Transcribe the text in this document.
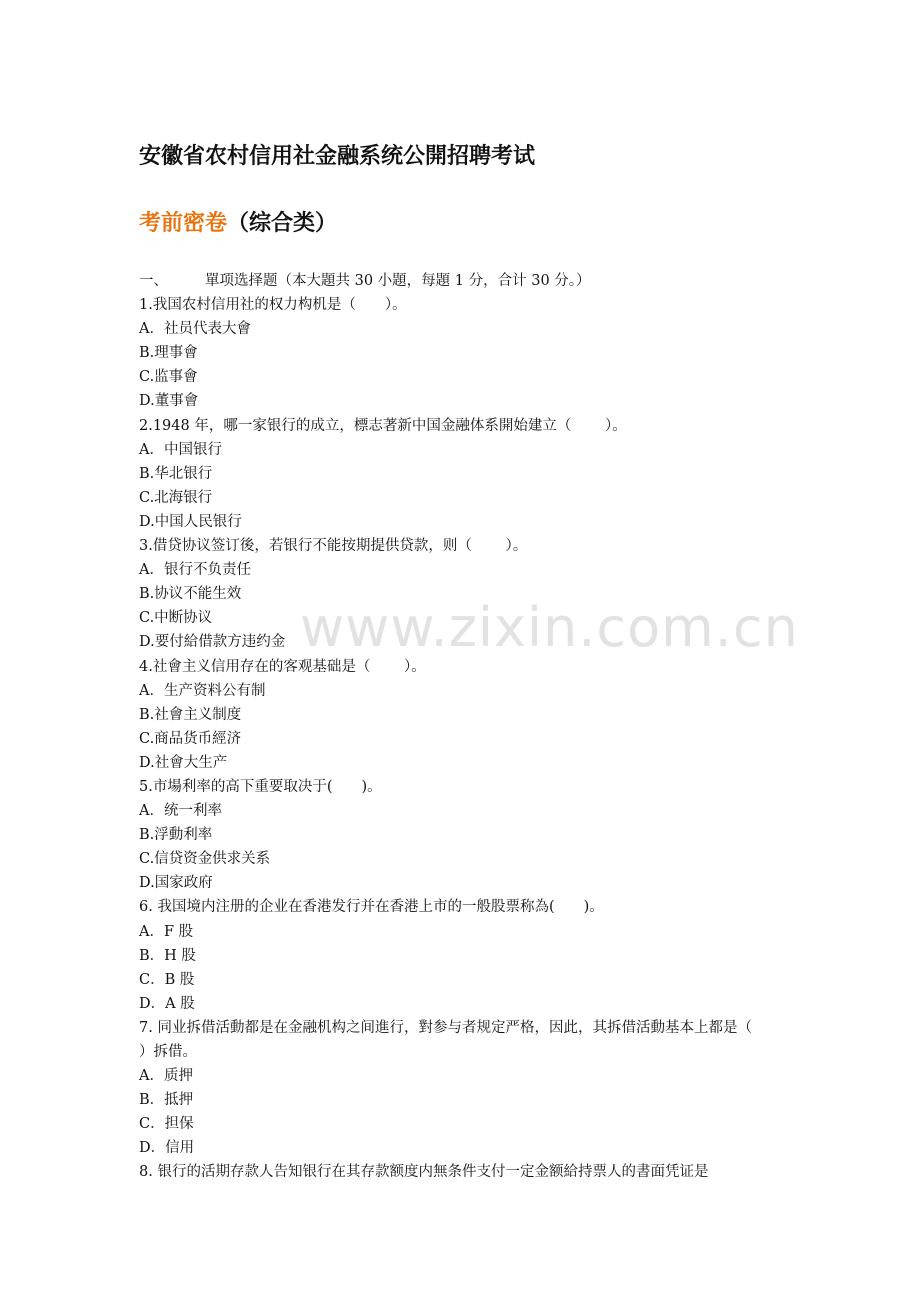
安徽省农村信用社金融系统公開招聘考试
考前密卷（综合类）
一、	單项选择题（本大題共 30 小題，每題 1 分，合计 30 分。）
1.我国农村信用社的权力构机是（　　）。
A．社员代表大會
B.理事會
C.监事會
D.董事會
2.1948 年，哪一家银行的成立，標志著新中国金融体系開始建立（　　 ）。
A．中国银行
B.华北银行
C.北海银行
D.中国人民银行
3.借贷协议签订後，若银行不能按期提供贷款，则（　　 ）。
A．银行不负责任
B.协议不能生效
C.中断协议
D.要付給借款方违约金
4.社會主义信用存在的客观基础是（　　 ）。
A．生产资料公有制
B.社會主义制度
C.商品货币經济
D.社會大生产
5.市場利率的高下重要取决于(　　)。
A．统一利率
B.浮動利率
C.信贷资金供求关系
D.国家政府
6. 我国境内注册的企业在香港发行并在香港上市的一般股票称為(　　)。
A．F 股
B．H 股
C．B 股
D．A 股
7. 同业拆借活動都是在金融机构之间進行，對参与者规定严格，因此，其拆借活動基本上都是（　　 ）拆借。
A．质押
B．抵押
C．担保
D．信用
8. 银行的活期存款人告知银行在其存款额度内無条件支付一定金额給持票人的書面凭证是
www.zixin.com.cn
